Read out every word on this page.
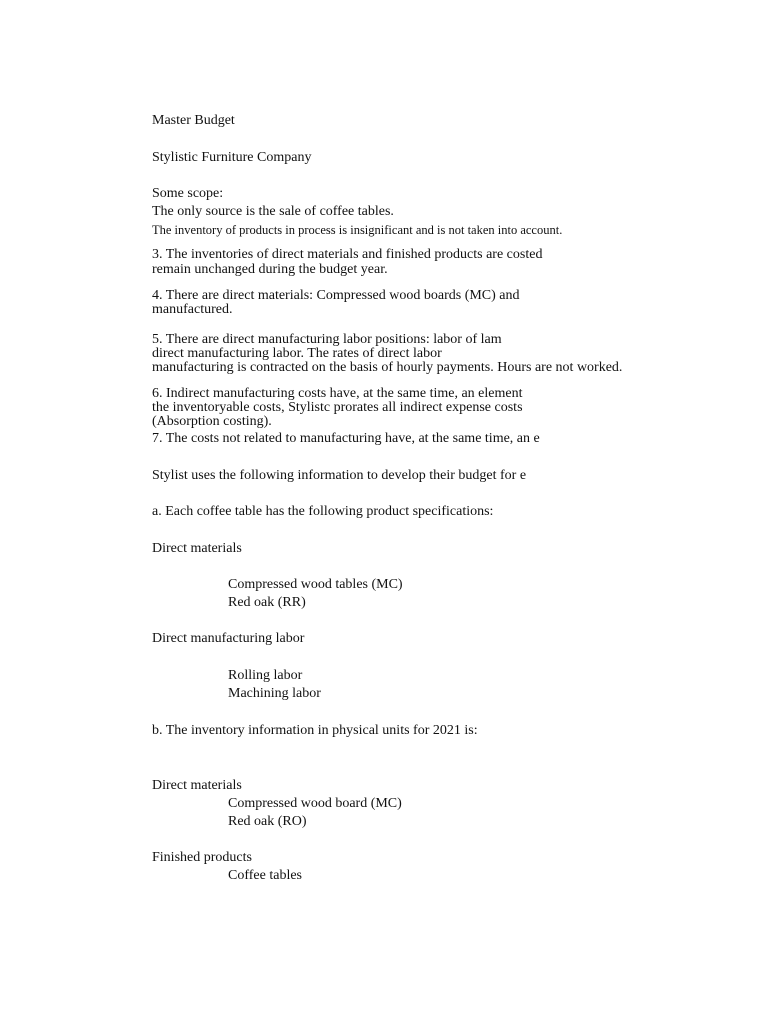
Master Budget
Stylistic Furniture Company
Some scope:
The only source is the sale of coffee tables.
The inventory of products in process is insignificant and is not taken into account.
3. The inventories of direct materials and finished products are costed
remain unchanged during the budget year.
4. There are direct materials: Compressed wood boards (MC) and
manufactured.
5. There are direct manufacturing labor positions: labor of lam
direct manufacturing labor. The rates of direct labor
manufacturing is contracted on the basis of hourly payments. Hours are not worked.
6. Indirect manufacturing costs have, at the same time, an element
the inventoryable costs, Stylistc prorates all indirect expense costs
(Absorption costing).
7. The costs not related to manufacturing have, at the same time, an e
Stylist uses the following information to develop their budget for e
a. Each coffee table has the following product specifications:
Direct materials
Compressed wood tables (MC)
Red oak (RR)
Direct manufacturing labor
Rolling labor
Machining labor
b. The inventory information in physical units for 2021 is:
Direct materials
Compressed wood board (MC)
Red oak (RO)
Finished products
Coffee tables
